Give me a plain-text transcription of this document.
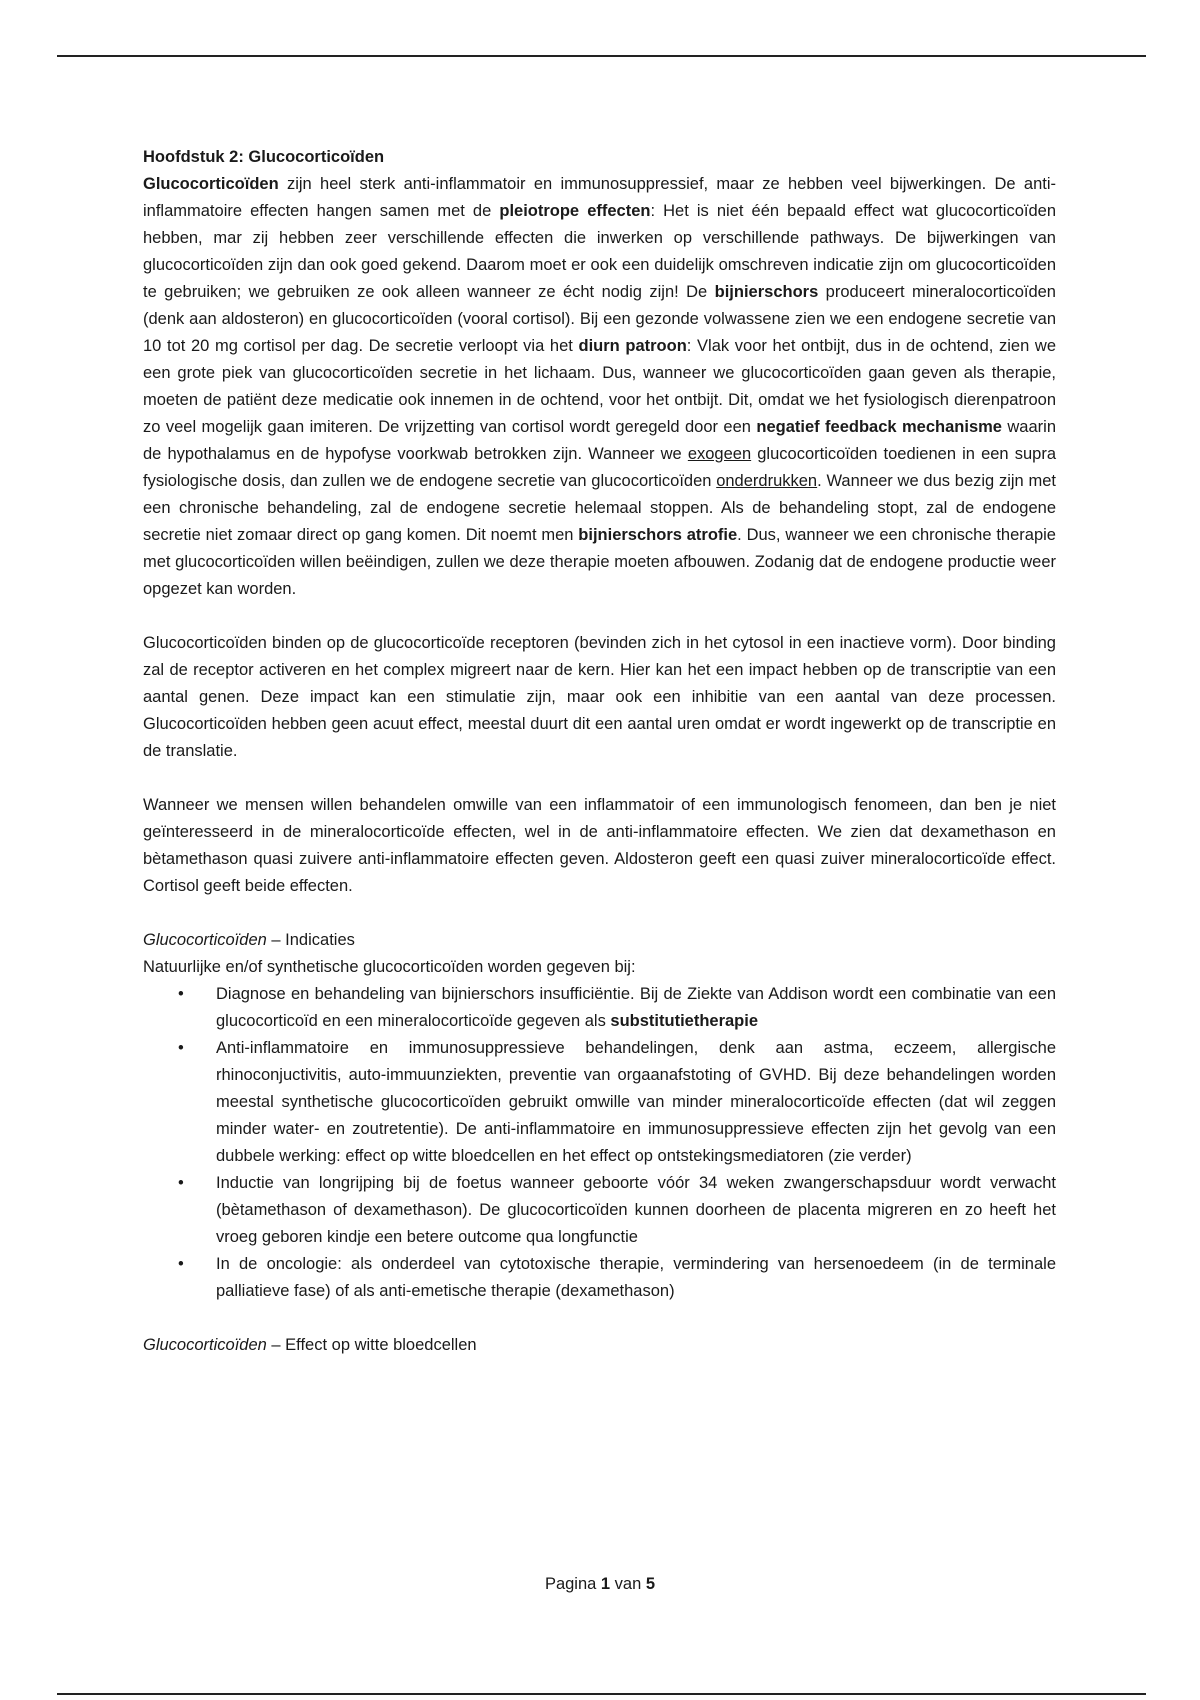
Hoofdstuk 2: Glucocorticoïden

Glucocorticoïden zijn heel sterk anti-inflammatoir en immunosuppressief, maar ze hebben veel bijwerkingen. De anti-inflammatoire effecten hangen samen met de pleiotrope effecten: Het is niet één bepaald effect wat glucocorticoïden hebben, mar zij hebben zeer verschillende effecten die inwerken op verschillende pathways. De bijwerkingen van glucocorticoïden zijn dan ook goed gekend. Daarom moet er ook een duidelijk omschreven indicatie zijn om glucocorticoïden te gebruiken; we gebruiken ze ook alleen wanneer ze écht nodig zijn! De bijnierschors produceert mineralocorticoïden (denk aan aldosteron) en glucocorticoïden (vooral cortisol). Bij een gezonde volwassene zien we een endogene secretie van 10 tot 20 mg cortisol per dag. De secretie verloopt via het diurn patroon: Vlak voor het ontbijt, dus in de ochtend, zien we een grote piek van glucocorticoïden secretie in het lichaam. Dus, wanneer we glucocorticoïden gaan geven als therapie, moeten de patiënt deze medicatie ook innemen in de ochtend, voor het ontbijt. Dit, omdat we het fysiologisch dierenpatroon zo veel mogelijk gaan imiteren. De vrijzetting van cortisol wordt geregeld door een negatief feedback mechanisme waarin de hypothalamus en de hypofyse voorkwab betrokken zijn. Wanneer we exogeen glucocorticoïden toedienen in een supra fysiologische dosis, dan zullen we de endogene secretie van glucocorticoïden onderdrukken. Wanneer we dus bezig zijn met een chronische behandeling, zal de endogene secretie helemaal stoppen. Als de behandeling stopt, zal de endogene secretie niet zomaar direct op gang komen. Dit noemt men bijnierschors atrofie. Dus, wanneer we een chronische therapie met glucocorticoïden willen beëindigen, zullen we deze therapie moeten afbouwen. Zodanig dat de endogene productie weer opgezet kan worden.

Glucocorticoïden binden op de glucocorticoïde receptoren (bevinden zich in het cytosol in een inactieve vorm). Door binding zal de receptor activeren en het complex migreert naar de kern. Hier kan het een impact hebben op de transcriptie van een aantal genen. Deze impact kan een stimulatie zijn, maar ook een inhibitie van een aantal van deze processen. Glucocorticoïden hebben geen acuut effect, meestal duurt dit een aantal uren omdat er wordt ingewerkt op de transcriptie en de translatie.

Wanneer we mensen willen behandelen omwille van een inflammatoir of een immunologisch fenomeen, dan ben je niet geïnteresseerd in de mineralocorticoïde effecten, wel in de anti-inflammatoire effecten. We zien dat dexamethason en bètamethason quasi zuivere anti-inflammatoire effecten geven. Aldosteron geeft een quasi zuiver mineralocorticoïde effect. Cortisol geeft beide effecten.

Glucocorticoïden – Indicaties

Natuurlijke en/of synthetische glucocorticoïden worden gegeven bij:

• Diagnose en behandeling van bijnierschors insufficiëntie. Bij de Ziekte van Addison wordt een combinatie van een glucocorticoïd en een mineralocorticoïde gegeven als substitutietherapie
• Anti-inflammatoire en immunosuppressieve behandelingen, denk aan astma, eczeem, allergische rhinoconjuctivitis, auto-immuunziekten, preventie van orgaanafstoting of GVHD. Bij deze behandelingen worden meestal synthetische glucocorticoïden gebruikt omwille van minder mineralocorticoïde effecten (dat wil zeggen minder water- en zoutretentie). De anti-inflammatoire en immunosuppressieve effecten zijn het gevolg van een dubbele werking: effect op witte bloedcellen en het effect op ontstekingsmediatoren (zie verder)
• Inductie van longrijping bij de foetus wanneer geboorte vóór 34 weken zwangerschapsduur wordt verwacht (bètamethason of dexamethason). De glucocorticoïden kunnen doorheen de placenta migreren en zo heeft het vroeg geboren kindje een betere outcome qua longfunctie
• In de oncologie: als onderdeel van cytotoxische therapie, vermindering van hersenoedeem (in de terminale palliatieve fase) of als anti-emetische therapie (dexamethason)

Glucocorticoïden – Effect op witte bloedcellen

Pagina 1 van 5
